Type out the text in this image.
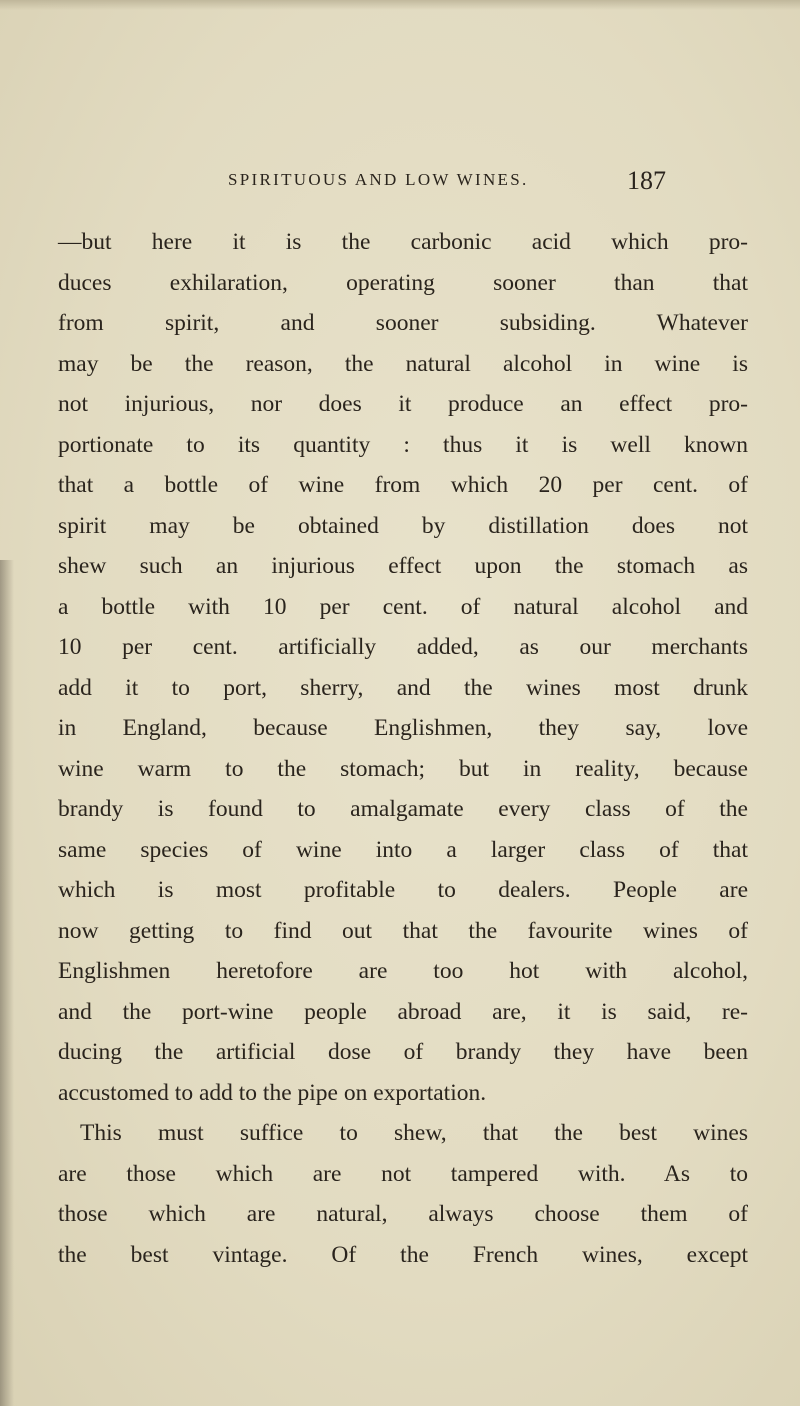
SPIRITUOUS AND LOW WINES.	187
—but here it is the carbonic acid which pro-
duces exhilaration, operating sooner than that
from spirit, and sooner subsiding. Whatever
may be the reason, the natural alcohol in wine is
not injurious, nor does it produce an effect pro-
portionate to its quantity : thus it is well known
that a bottle of wine from which 20 per cent. of
spirit may be obtained by distillation does not
shew such an injurious effect upon the stomach as
a bottle with 10 per cent. of natural alcohol and
10 per cent. artificially added, as our merchants
add it to port, sherry, and the wines most drunk
in England, because Englishmen, they say, love
wine warm to the stomach; but in reality, because
brandy is found to amalgamate every class of the
same species of wine into a larger class of that
which is most profitable to dealers. People are
now getting to find out that the favourite wines of
Englishmen heretofore are too hot with alcohol,
and the port-wine people abroad are, it is said, re-
ducing the artificial dose of brandy they have been
accustomed to add to the pipe on exportation.
This must suffice to shew, that the best wines
are those which are not tampered with. As to
those which are natural, always choose them of
the best vintage. Of the French wines, except
